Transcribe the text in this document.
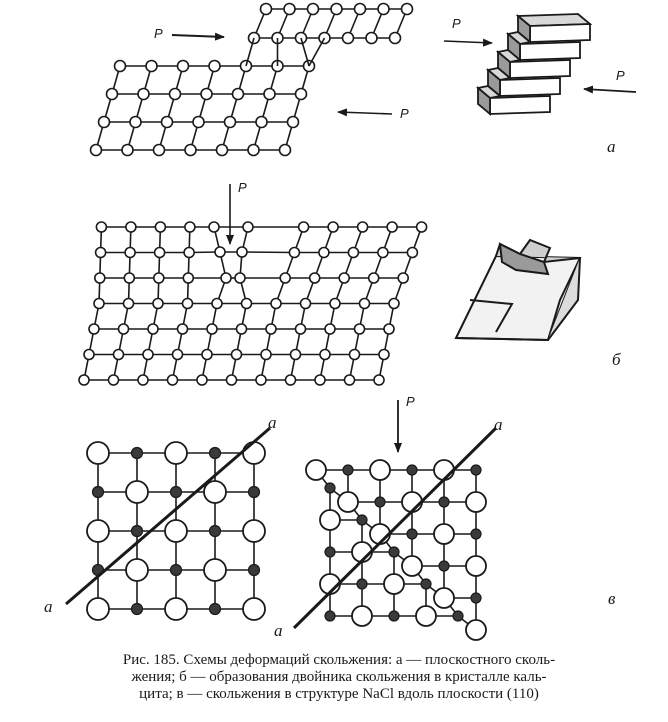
P
P
P
P
a
P
б
a
a
a
a
P
в
Рис. 185. Схемы деформаций скольжения: а — плоскостного сколь-
жения; б — образования двойника скольжения в кристалле каль-
цита; в — скольжения в структуре NaCl вдоль плоскости (110)
